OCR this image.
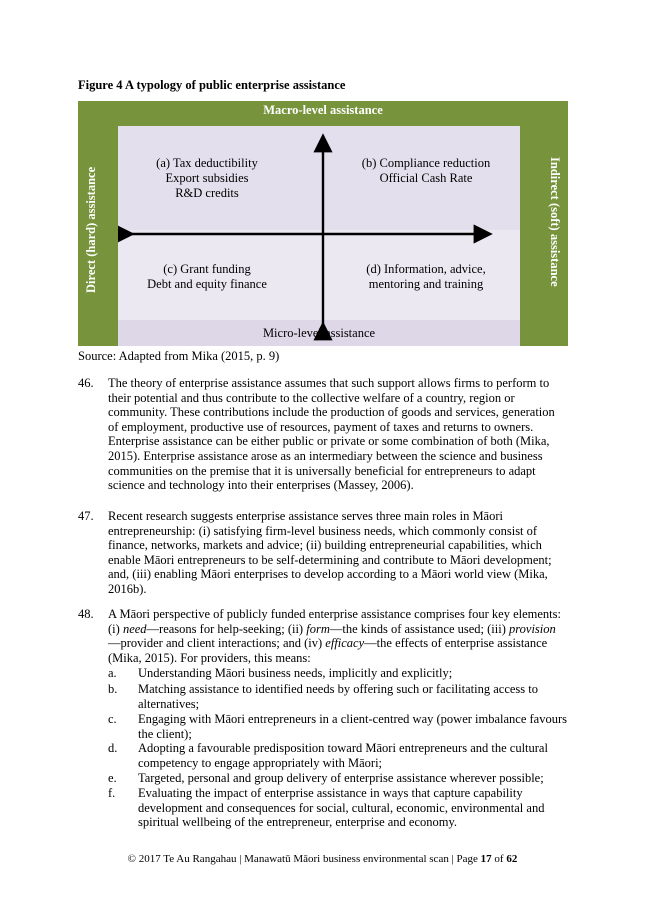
Figure 4 A typology of public enterprise assistance
Macro-level assistance
Direct (hard) assistance	Indirect (soft) assistance
(a) Tax deductibility
Export subsidies
R&D credits
(b) Compliance reduction
Official Cash Rate
(c) Grant funding
Debt and equity finance
(d) Information, advice,
mentoring and training
Micro-level assistance
Source: Adapted from Mika (2015, p. 9)
46. The theory of enterprise assistance assumes that such support allows firms to perform to their potential and thus contribute to the collective welfare of a country, region or community. These contributions include the production of goods and services, generation of employment, productive use of resources, payment of taxes and returns to owners. Enterprise assistance can be either public or private or some combination of both (Mika, 2015). Enterprise assistance arose as an intermediary between the science and business communities on the premise that it is universally beneficial for entrepreneurs to adapt science and technology into their enterprises (Massey, 2006).
47. Recent research suggests enterprise assistance serves three main roles in Māori entrepreneurship: (i) satisfying firm-level business needs, which commonly consist of finance, networks, markets and advice; (ii) building entrepreneurial capabilities, which enable Māori entrepreneurs to be self-determining and contribute to Māori development; and, (iii) enabling Māori enterprises to develop according to a Māori world view (Mika, 2016b).
48. A Māori perspective of publicly funded enterprise assistance comprises four key elements: (i) need—reasons for help-seeking; (ii) form—the kinds of assistance used; (iii) provision—provider and client interactions; and (iv) efficacy—the effects of enterprise assistance (Mika, 2015). For providers, this means:
a. Understanding Māori business needs, implicitly and explicitly;
b. Matching assistance to identified needs by offering such or facilitating access to alternatives;
c. Engaging with Māori entrepreneurs in a client-centred way (power imbalance favours the client);
d. Adopting a favourable predisposition toward Māori entrepreneurs and the cultural competency to engage appropriately with Māori;
e. Targeted, personal and group delivery of enterprise assistance wherever possible;
f. Evaluating the impact of enterprise assistance in ways that capture capability development and consequences for social, cultural, economic, environmental and spiritual wellbeing of the entrepreneur, enterprise and economy.
© 2017 Te Au Rangahau | Manawatū Māori business environmental scan | Page 17 of 62
